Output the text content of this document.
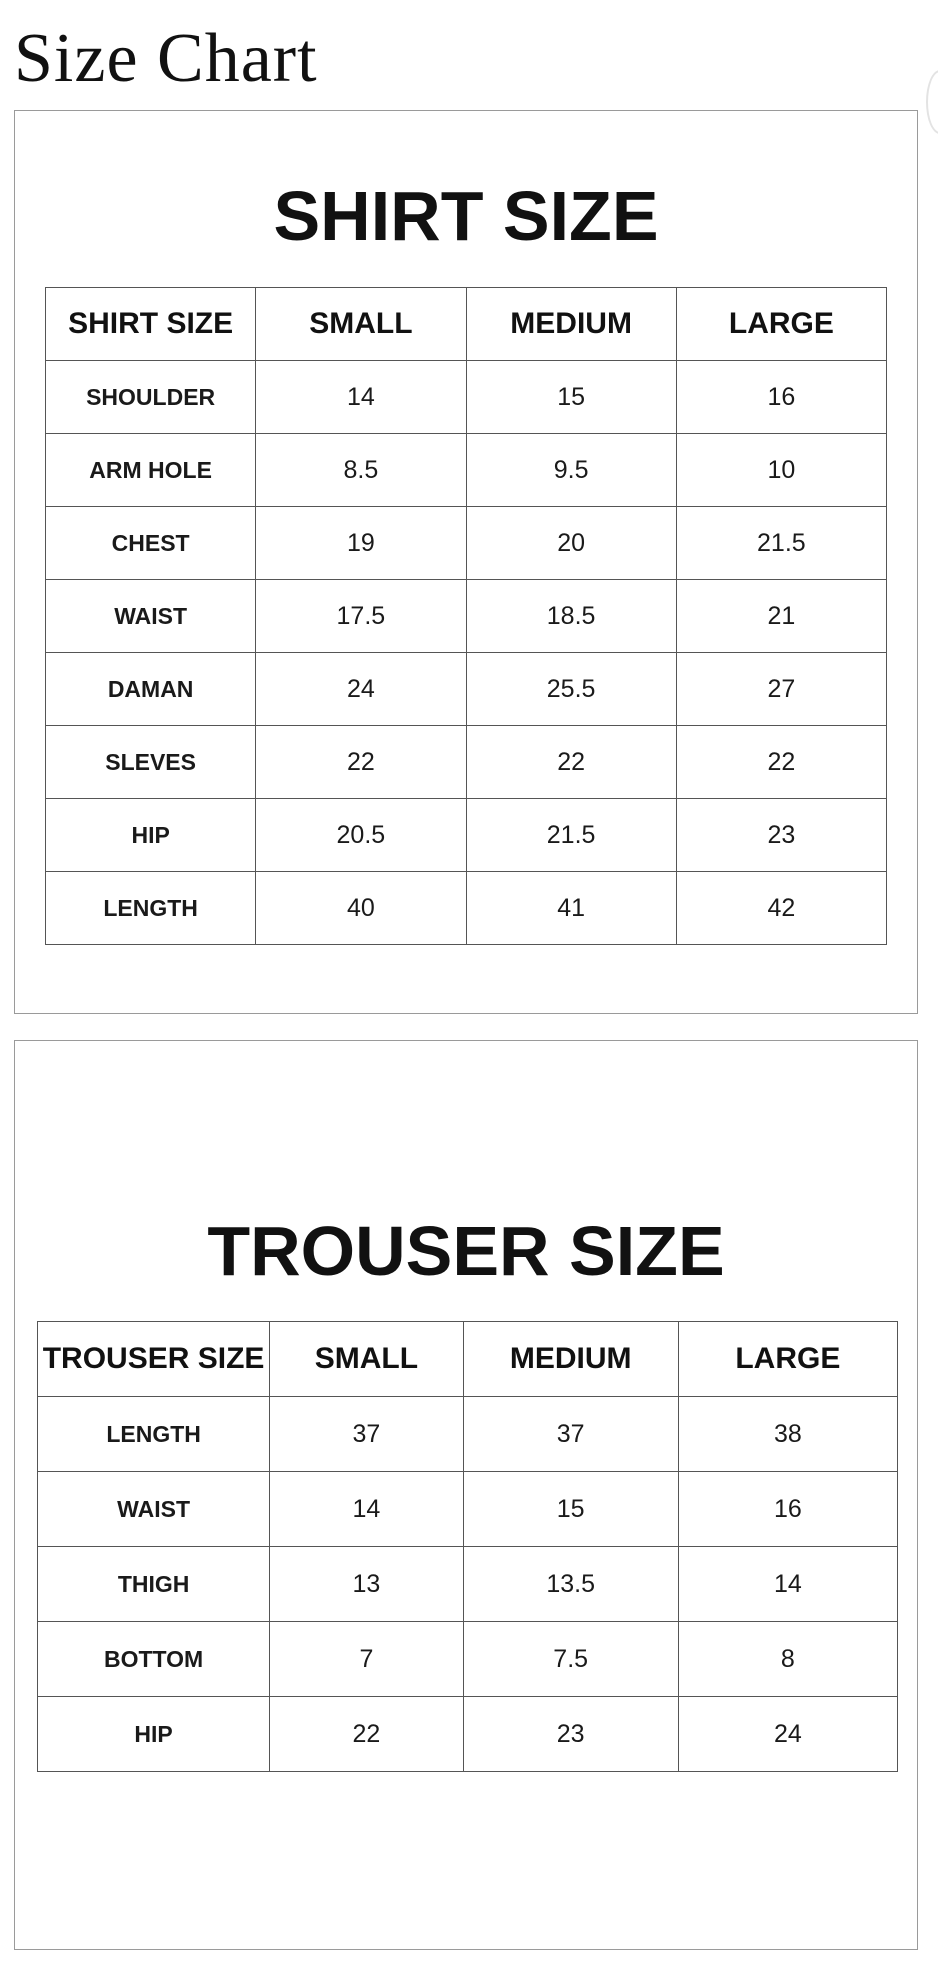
Size Chart
SHIRT SIZE
SHIRT SIZE	SMALL	MEDIUM	LARGE
SHOULDER	14	15	16
ARM HOLE	8.5	9.5	10
CHEST	19	20	21.5
WAIST	17.5	18.5	21
DAMAN	24	25.5	27
SLEVES	22	22	22
HIP	20.5	21.5	23
LENGTH	40	41	42
TROUSER SIZE
TROUSER SIZE	SMALL	MEDIUM	LARGE
LENGTH	37	37	38
WAIST	14	15	16
THIGH	13	13.5	14
BOTTOM	7	7.5	8
HIP	22	23	24
